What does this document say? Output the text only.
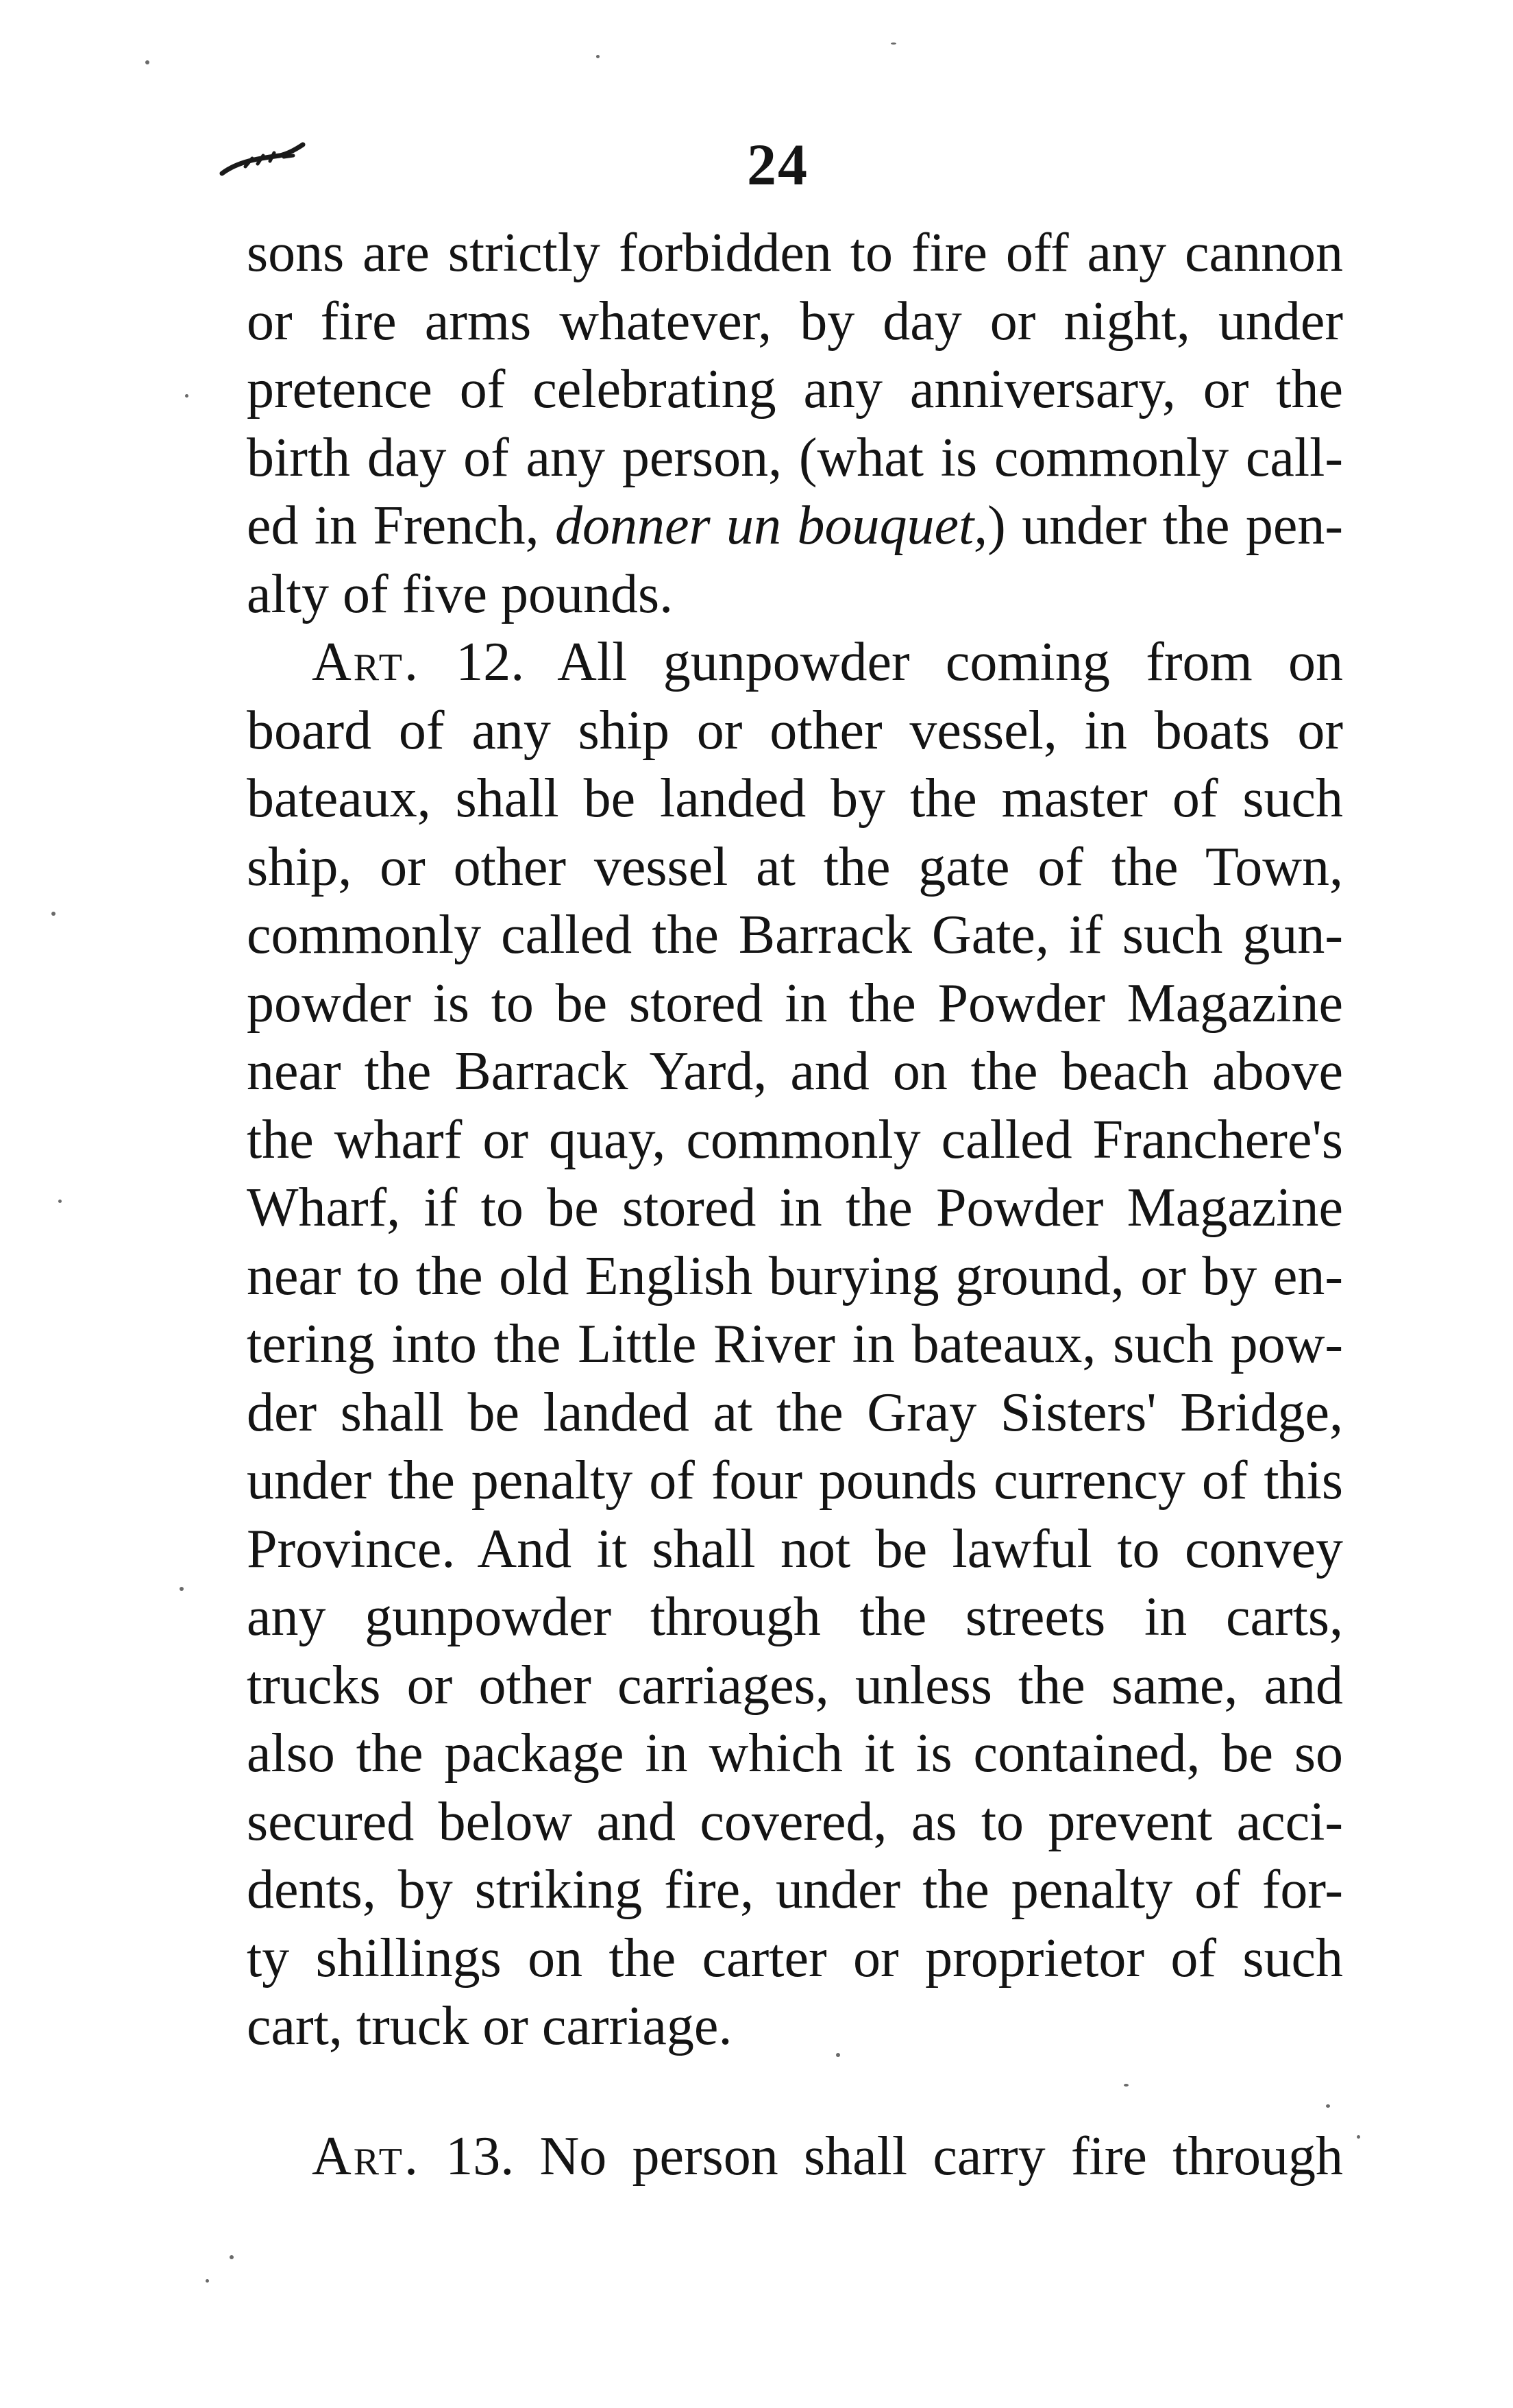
24
sons are strictly forbidden to fire off any cannon
or fire arms whatever, by day or night, under
pretence of celebrating any anniversary, or the
birth day of any person, (what is commonly call-
ed in French, donner un bouquet,) under the pen-
alty of five pounds.
Art. 12. All gunpowder coming from on
board of any ship or other vessel, in boats or
bateaux, shall be landed by the master of such
ship, or other vessel at the gate of the Town,
commonly called the Barrack Gate, if such gun-
powder is to be stored in the Powder Magazine
near the Barrack Yard, and on the beach above
the wharf or quay, commonly called Franchere's
Wharf, if to be stored in the Powder Magazine
near to the old English burying ground, or by en-
tering into the Little River in bateaux, such pow-
der shall be landed at the Gray Sisters' Bridge,
under the penalty of four pounds currency of this
Province. And it shall not be lawful to convey
any gunpowder through the streets in carts,
trucks or other carriages, unless the same, and
also the package in which it is contained, be so
secured below and covered, as to prevent acci-
dents, by striking fire, under the penalty of for-
ty shillings on the carter or proprietor of such
cart, truck or carriage.
Art. 13. No person shall carry fire through
